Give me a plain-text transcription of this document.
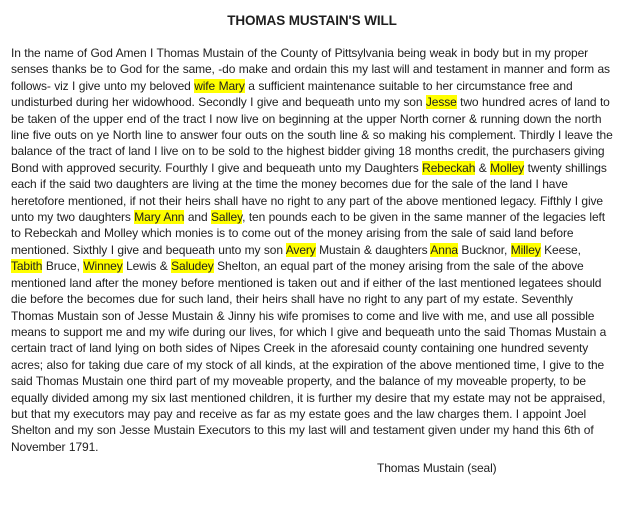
THOMAS MUSTAIN'S WILL
In the name of God Amen I Thomas Mustain of the County of Pittsylvania being weak in body but in my proper senses thanks be to God for the same, -do make and ordain this my last will and testament in manner and form as follows- viz I give unto my beloved wife Mary a sufficient maintenance suitable to her circumstance free and undisturbed during her widowhood. Secondly I give and bequeath unto my son Jesse two hundred acres of land to be taken of the upper end of the tract I now live on beginning at the upper North corner & running down the north line five outs on ye North line to answer four outs on the south line & so making his complement. Thirdly I leave the balance of the tract of land I live on to be sold to the highest bidder giving 18 months credit, the purchasers giving Bond with approved security. Fourthly I give and bequeath unto my Daughters Rebeckah & Molley twenty shillings each if the said two daughters are living at the time the money becomes due for the sale of the land I have heretofore mentioned, if not their heirs shall have no right to any part of the above mentioned legacy. Fifthly I give unto my two daughters Mary Ann and Salley, ten pounds each to be given in the same manner of the legacies left to Rebeckah and Molley which monies is to come out of the money arising from the sale of said land before mentioned. Sixthly I give and bequeath unto my son Avery Mustain & daughters Anna Bucknor, Milley Keese, Tabith Bruce, Winney Lewis & Saludey Shelton, an equal part of the money arising from the sale of the above mentioned land after the money before mentioned is taken out and if either of the last mentioned legatees should die before the becomes due for such land, their heirs shall have no right to any part of my estate. Seventhly Thomas Mustain son of Jesse Mustain & Jinny his wife promises to come and live with me, and use all possible means to support me and my wife during our lives, for which I give and bequeath unto the said Thomas Mustain a certain tract of land lying on both sides of Nipes Creek in the aforesaid county containing one hundred seventy acres; also for taking due care of my stock of all kinds, at the expiration of the above mentioned time, I give to the said Thomas Mustain one third part of my moveable property, and the balance of my moveable property, to be equally divided among my six last mentioned children, it is further my desire that my estate may not be appraised, but that my executors may pay and receive as far as my estate goes and the law charges them. I appoint Joel Shelton and my son Jesse Mustain Executors to this my last will and testament given under my hand this 6th of November 1791.
Thomas Mustain (seal)
